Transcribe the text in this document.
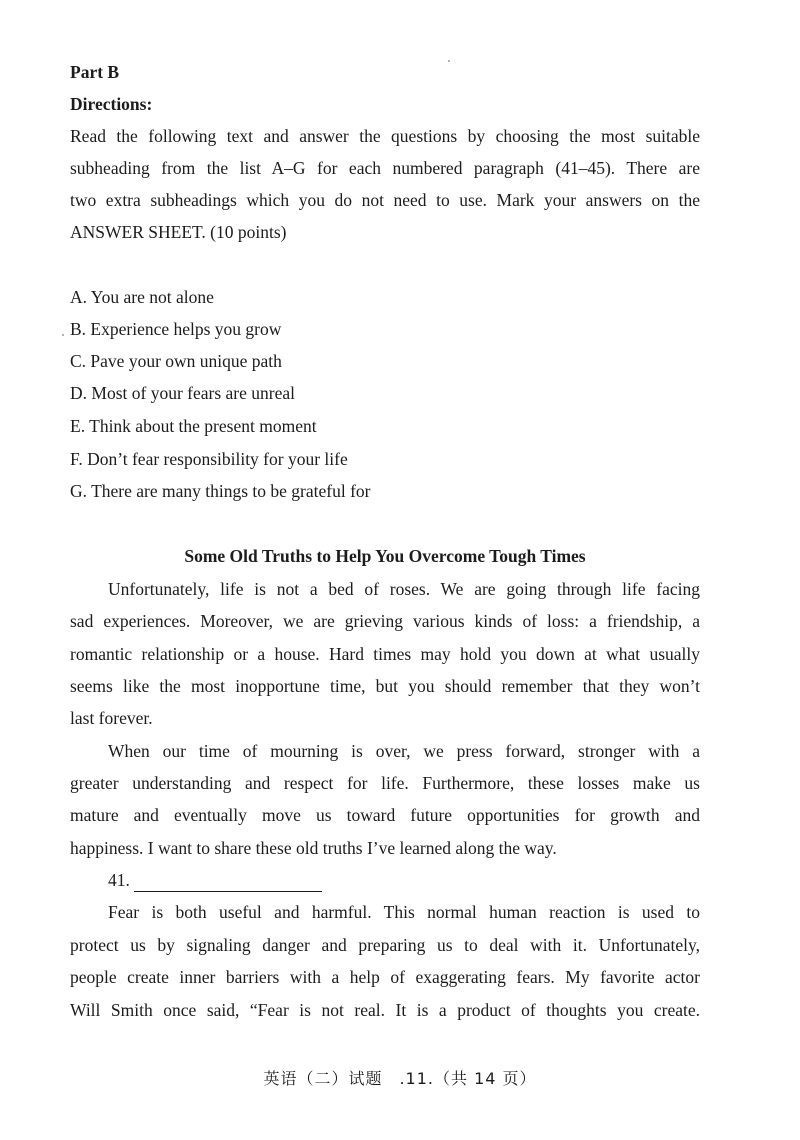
Part B
Directions:
Read the following text and answer the questions by choosing the most suitable
subheading from the list A–G for each numbered paragraph (41–45). There are
two extra subheadings which you do not need to use. Mark your answers on the
ANSWER SHEET. (10 points)
A. You are not alone
B. Experience helps you grow
C. Pave your own unique path
D. Most of your fears are unreal
E. Think about the present moment
F. Don’t fear responsibility for your life
G. There are many things to be grateful for
Some Old Truths to Help You Overcome Tough Times
Unfortunately, life is not a bed of roses. We are going through life facing
sad experiences. Moreover, we are grieving various kinds of loss: a friendship, a
romantic relationship or a house. Hard times may hold you down at what usually
seems like the most inopportune time, but you should remember that they won’t
last forever.
When our time of mourning is over, we press forward, stronger with a
greater understanding and respect for life. Furthermore, these losses make us
mature and eventually move us toward future opportunities for growth and
happiness. I want to share these old truths I’ve learned along the way.
41.
Fear is both useful and harmful. This normal human reaction is used to
protect us by signaling danger and preparing us to deal with it. Unfortunately,
people create inner barriers with a help of exaggerating fears. My favorite actor
Will Smith once said, “Fear is not real. It is a product of thoughts you create.
英语（二）试题　.11.（共 14 页）
